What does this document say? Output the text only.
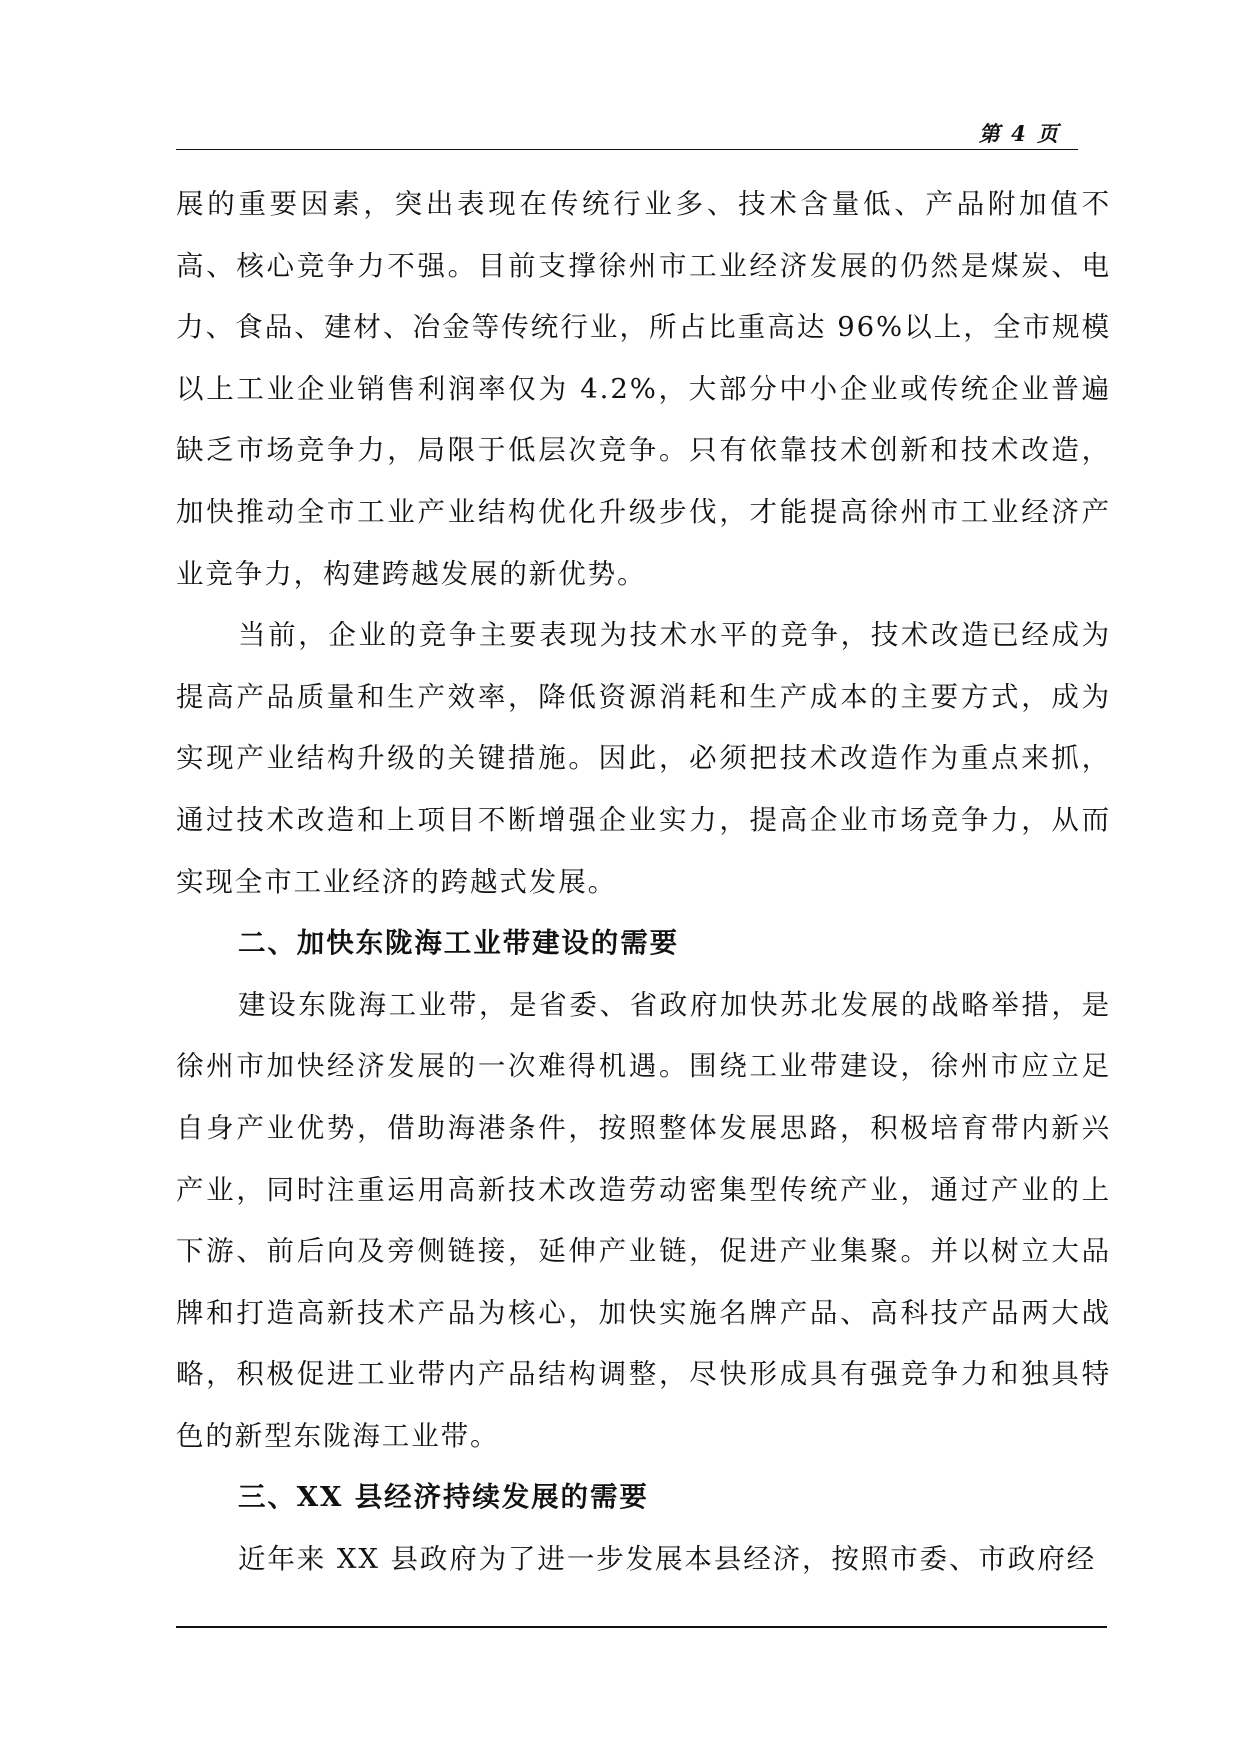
第 4 页

展的重要因素，突出表现在传统行业多、技术含量低、产品附加值不高、核心竞争力不强。目前支撑徐州市工业经济发展的仍然是煤炭、电力、食品、建材、冶金等传统行业，所占比重高达 96%以上，全市规模以上工业企业销售利润率仅为 4.2%，大部分中小企业或传统企业普遍缺乏市场竞争力，局限于低层次竞争。只有依靠技术创新和技术改造，加快推动全市工业产业结构优化升级步伐，才能提高徐州市工业经济产业竞争力，构建跨越发展的新优势。

当前，企业的竞争主要表现为技术水平的竞争，技术改造已经成为提高产品质量和生产效率，降低资源消耗和生产成本的主要方式，成为实现产业结构升级的关键措施。因此，必须把技术改造作为重点来抓，通过技术改造和上项目不断增强企业实力，提高企业市场竞争力，从而实现全市工业经济的跨越式发展。

二、加快东陇海工业带建设的需要

建设东陇海工业带，是省委、省政府加快苏北发展的战略举措，是徐州市加快经济发展的一次难得机遇。围绕工业带建设，徐州市应立足自身产业优势，借助海港条件，按照整体发展思路，积极培育带内新兴产业，同时注重运用高新技术改造劳动密集型传统产业，通过产业的上下游、前后向及旁侧链接，延伸产业链，促进产业集聚。并以树立大品牌和打造高新技术产品为核心，加快实施名牌产品、高科技产品两大战略，积极促进工业带内产品结构调整，尽快形成具有强竞争力和独具特色的新型东陇海工业带。

三、XX 县经济持续发展的需要

近年来 XX 县政府为了进一步发展本县经济，按照市委、市政府经
